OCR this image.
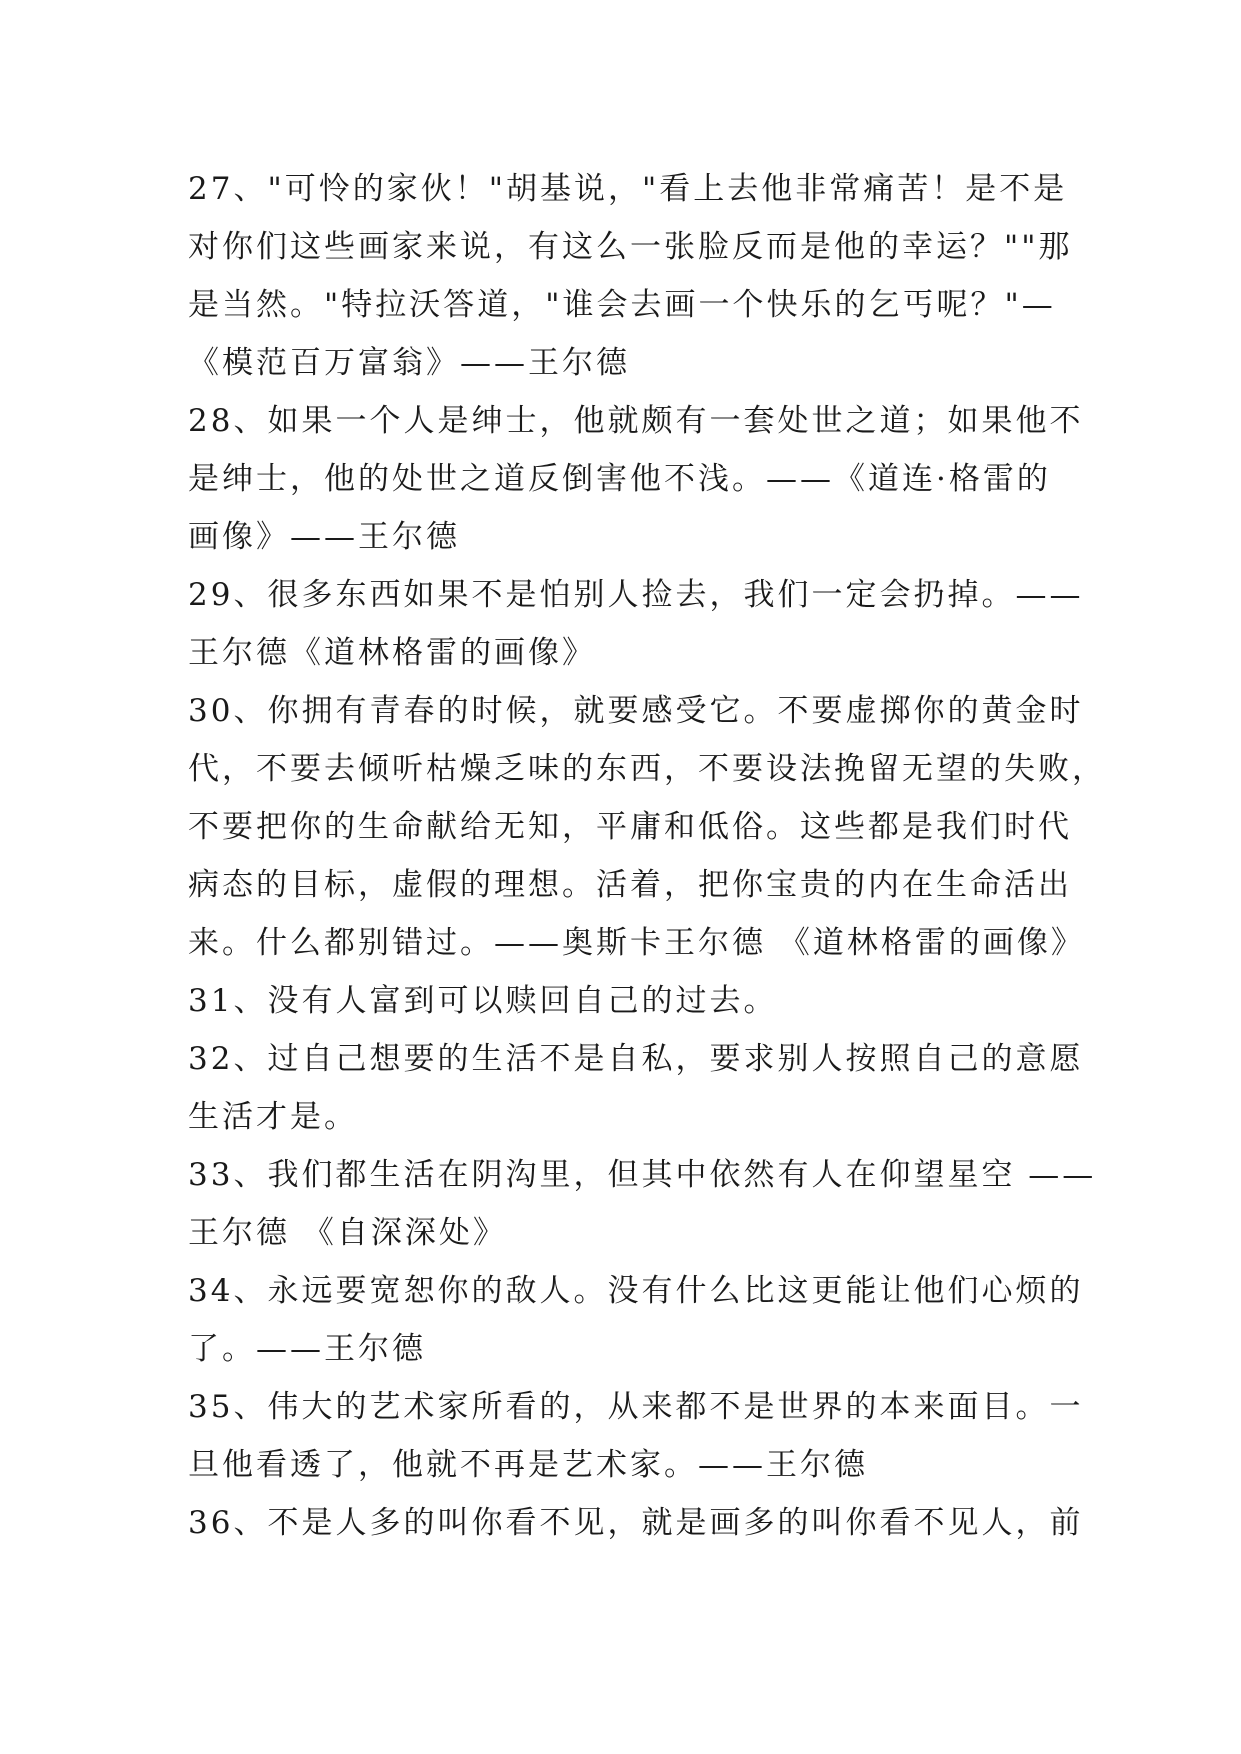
27、"可怜的家伙！"胡基说，"看上去他非常痛苦！是不是
对你们这些画家来说，有这么一张脸反而是他的幸运？""那
是当然。"特拉沃答道，"谁会去画一个快乐的乞丐呢？"—
《模范百万富翁》——王尔德
28、如果一个人是绅士，他就颇有一套处世之道；如果他不
是绅士，他的处世之道反倒害他不浅。——《道连·格雷的
画像》——王尔德
29、很多东西如果不是怕别人捡去，我们一定会扔掉。——
王尔德《道林格雷的画像》
30、你拥有青春的时候，就要感受它。不要虚掷你的黄金时
代，不要去倾听枯燥乏味的东西，不要设法挽留无望的失败，
不要把你的生命献给无知，平庸和低俗。这些都是我们时代
病态的目标，虚假的理想。活着，把你宝贵的内在生命活出
来。什么都别错过。——奥斯卡王尔德 《道林格雷的画像》
31、没有人富到可以赎回自己的过去。
32、过自己想要的生活不是自私，要求别人按照自己的意愿
生活才是。
33、我们都生活在阴沟里，但其中依然有人在仰望星空 ——
王尔德 《自深深处》
34、永远要宽恕你的敌人。没有什么比这更能让他们心烦的
了。——王尔德
35、伟大的艺术家所看的，从来都不是世界的本来面目。一
旦他看透了，他就不再是艺术家。——王尔德
36、不是人多的叫你看不见，就是画多的叫你看不见人，前
